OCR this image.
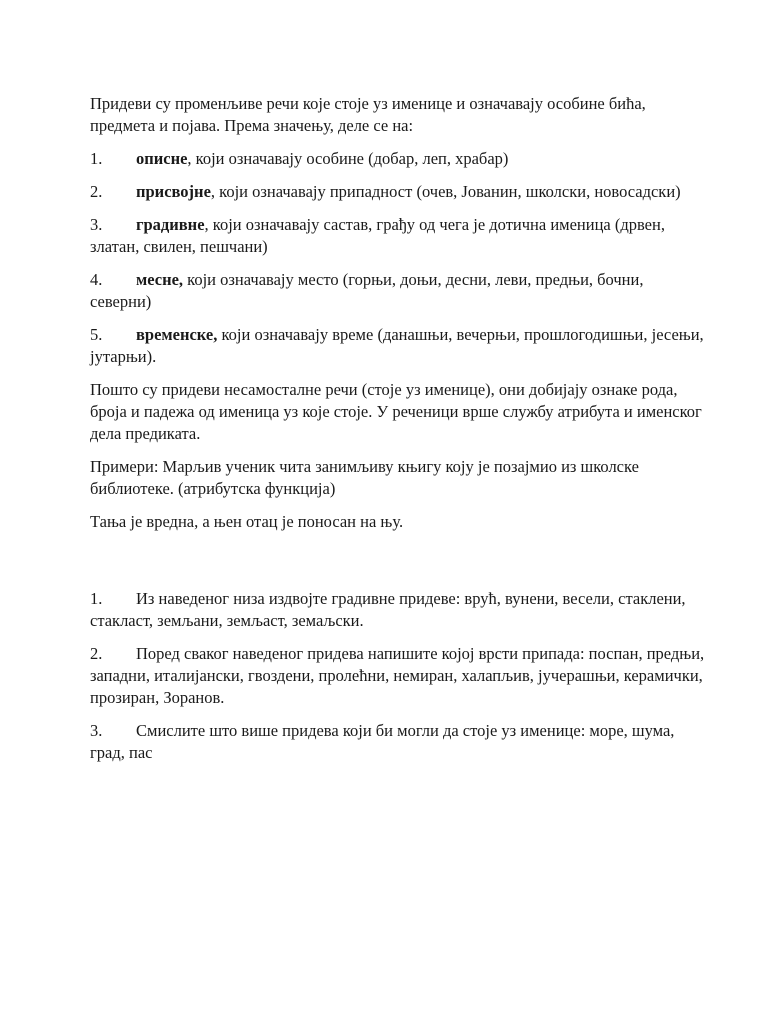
Придеви су променљиве речи које стоје уз именице и означавају особине бића, предмета и појава. Према значењу, деле се на:

1. описне, који означавају особине (добар, леп, храбар)
2. присвојне, који означавају припадност (очев, Јованин, школски, новосадски)
3. градивне, који означавају састав, грађу од чега је дотична именица (дрвен, златан, свилен, пешчани)
4. месне, који означавају место (горњи, доњи, десни, леви, предњи, бочни, северни)
5. временске, који означавају време (данашњи, вечерњи, прошлогодишњи, јесењи, јутарњи).

Пошто су придеви несамосталне речи (стоје уз именице), они добијају ознаке рода, броја и падежа од именица уз које стоје. У реченици врше службу атрибута и именског дела предиката.

Примери: Марљив ученик чита занимљиву књигу коју је позајмио из школске библиотеке. (атрибутска функција)

Тања је вредна, а њен отац је поносан на њу.

1. Из наведеног низа издвојте градивне придеве: врућ, вунени, весели, стаклени, стакласт, земљани, земљаст, земаљски.
2. Поред сваког наведеног придева напишите којој врсти припада: поспан, предњи, западни, италијански, гвоздени, пролећни, немиран, халапљив, јучерашњи, керамички, прозиран, Зоранов.
3. Смислите што више придева који би могли да стоје уз именице: море, шума, град, пас
